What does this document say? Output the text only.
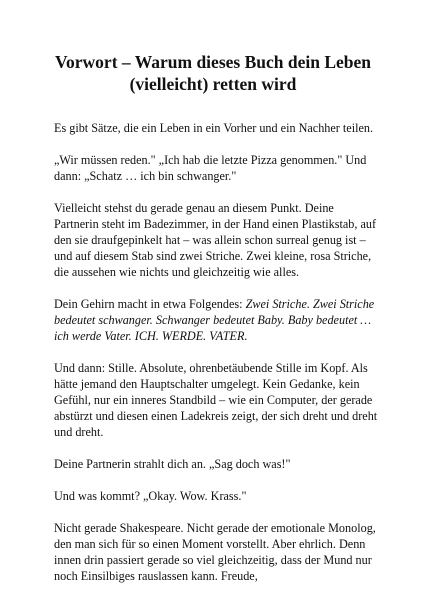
Vorwort – Warum dieses Buch dein Leben
(vielleicht) retten wird

Es gibt Sätze, die ein Leben in ein Vorher und ein Nachher teilen.

„Wir müssen reden." „Ich hab die letzte Pizza genommen." Und dann: „Schatz … ich bin schwanger."

Vielleicht stehst du gerade genau an diesem Punkt. Deine Partnerin steht im Badezimmer, in der Hand einen Plastikstab, auf den sie draufgepinkelt hat – was allein schon surreal genug ist – und auf diesem Stab sind zwei Striche. Zwei kleine, rosa Striche, die aussehen wie nichts und gleichzeitig wie alles.

Dein Gehirn macht in etwa Folgendes: Zwei Striche. Zwei Striche bedeutet schwanger. Schwanger bedeutet Baby. Baby bedeutet … ich werde Vater. ICH. WERDE. VATER.

Und dann: Stille. Absolute, ohrenbetäubende Stille im Kopf. Als hätte jemand den Hauptschalter umgelegt. Kein Gedanke, kein Gefühl, nur ein inneres Standbild – wie ein Computer, der gerade abstürzt und diesen einen Ladekreis zeigt, der sich dreht und dreht und dreht.

Deine Partnerin strahlt dich an. „Sag doch was!"

Und was kommt? „Okay. Wow. Krass."

Nicht gerade Shakespeare. Nicht gerade der emotionale Monolog, den man sich für so einen Moment vorstellt. Aber ehrlich. Denn innen drin passiert gerade so viel gleichzeitig, dass der Mund nur noch Einsilbiges rauslassen kann. Freude,
